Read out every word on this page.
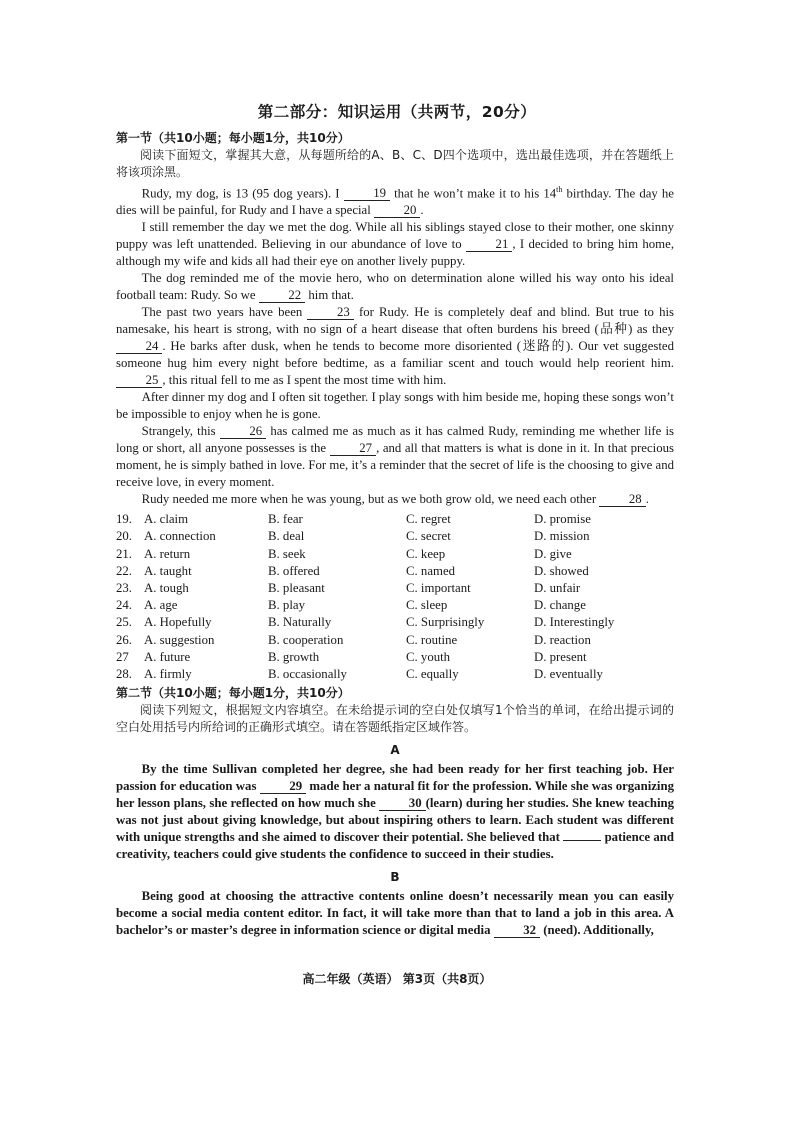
第二部分：知识运用（共两节，20分）

第一节（共10小题；每小题1分，共10分）

阅读下面短文，掌握其大意，从每题所给的A、B、C、D四个选项中，选出最佳选项，并在答题纸上将该项涂黑。

Rudy, my dog, is 13 (95 dog years). I	19 that he won’t make it to his 14th birthday. The day he dies will be painful, for Rudy and I have a special	20 .

I still remember the day we met the dog. While all his siblings stayed close to their mother, one skinny puppy was left unattended. Believing in our abundance of love to	21 , I decided to bring him home, although my wife and kids all had their eye on another lively puppy.

The dog reminded me of the movie hero, who on determination alone willed his way onto his ideal football team: Rudy. So we	22 him that.

The past two years have been	23 for Rudy. He is completely deaf and blind. But true to his namesake, his heart is strong, with no sign of a heart disease that often burdens his breed (品种) as they 24 . He barks after dusk, when he tends to become more disoriented (迷路的). Our vet suggested someone hug him every night before bedtime, as a familiar scent and touch would help reorient him. 25 , this ritual fell to me as I spent the most time with him.

After dinner my dog and I often sit together. I play songs with him beside me, hoping these songs won’t be impossible to enjoy when he is gone.

Strangely, this	26 has calmed me as much as it has calmed Rudy, reminding me whether life is long or short, all anyone possesses is the	27 , and all that matters is what is done in it. In that precious moment, he is simply bathed in love. For me, it’s a reminder that the secret of life is the choosing to give and receive love, in every moment.

Rudy needed me more when he was young, but as we both grow old, we need each other	28 .

19. A. claim	B. fear	C. regret	D. promise
20. A. connection	B. deal	C. secret	D. mission
21. A. return	B. seek	C. keep	D. give
22. A. taught	B. offered	C. named	D. showed
23. A. tough	B. pleasant	C. important	D. unfair
24. A. age	B. play	C. sleep	D. change
25. A. Hopefully	B. Naturally	C. Surprisingly	D. Interestingly
26. A. suggestion	B. cooperation	C. routine	D. reaction
27	A. future	B. growth	C. youth	D. present
28. A. firmly	B. occasionally	C. equally	D. eventually

第二节（共10小题；每小题1分，共10分）

阅读下列短文，根据短文内容填空。在未给提示词的空白处仅填写1个恰当的单词，在给出提示词的空白处用括号内所给词的正确形式填空。请在答题纸指定区域作答。

A

By the time Sullivan completed her degree, she had been ready for her first teaching job. Her passion for education was	29 made her a natural fit for the profession. While she was organizing her lesson plans, she reflected on how much she	30 (learn) during her studies. She knew teaching was not just about giving knowledge, but about inspiring others to learn. Each student was different with unique strengths and she aimed to discover their potential. She believed that	patience and creativity, teachers could give students the confidence to succeed in their studies.

B

Being good at choosing the attractive contents online doesn’t necessarily mean you can easily become a social media content editor. In fact, it will take more than that to land a job in this area. A bachelor’s or master’s degree in information science or digital media	32 (need). Additionally,

高二年级（英语） 第3页（共8页）
